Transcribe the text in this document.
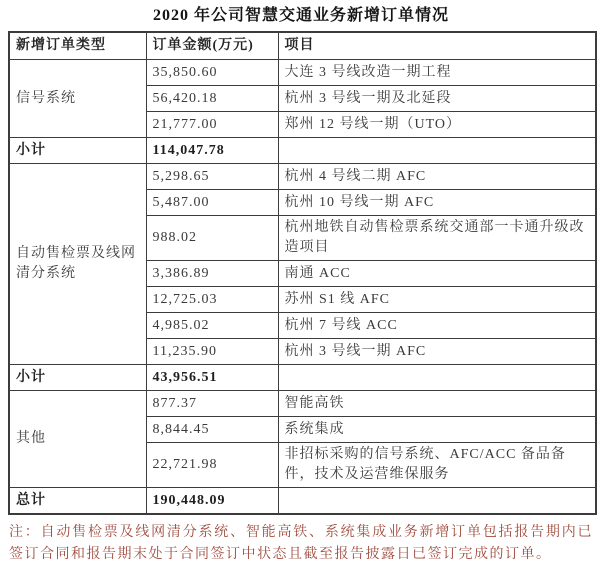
2020 年公司智慧交通业务新增订单情况
新增订单类型	订单金额(万元)	项目
信号系统	35,850.60	大连 3 号线改造一期工程
	56,420.18	杭州 3 号线一期及北延段
	21,777.00	郑州 12 号线一期（UTO）
小计	114,047.78	
自动售检票及线网清分系统	5,298.65	杭州 4 号线二期 AFC
	5,487.00	杭州 10 号线一期 AFC
	988.02	杭州地铁自动售检票系统交通部一卡通升级改造项目
	3,386.89	南通 ACC
	12,725.03	苏州 S1 线 AFC
	4,985.02	杭州 7 号线 ACC
	11,235.90	杭州 3 号线一期 AFC
小计	43,956.51	
其他	877.37	智能高铁
	8,844.45	系统集成
	22,721.98	非招标采购的信号系统、AFC/ACC 备品备件，技术及运营维保服务
总计	190,448.09	
注：自动售检票及线网清分系统、智能高铁、系统集成业务新增订单包括报告期内已签订合同和报告期末处于合同签订中状态且截至报告披露日已签订完成的订单。
